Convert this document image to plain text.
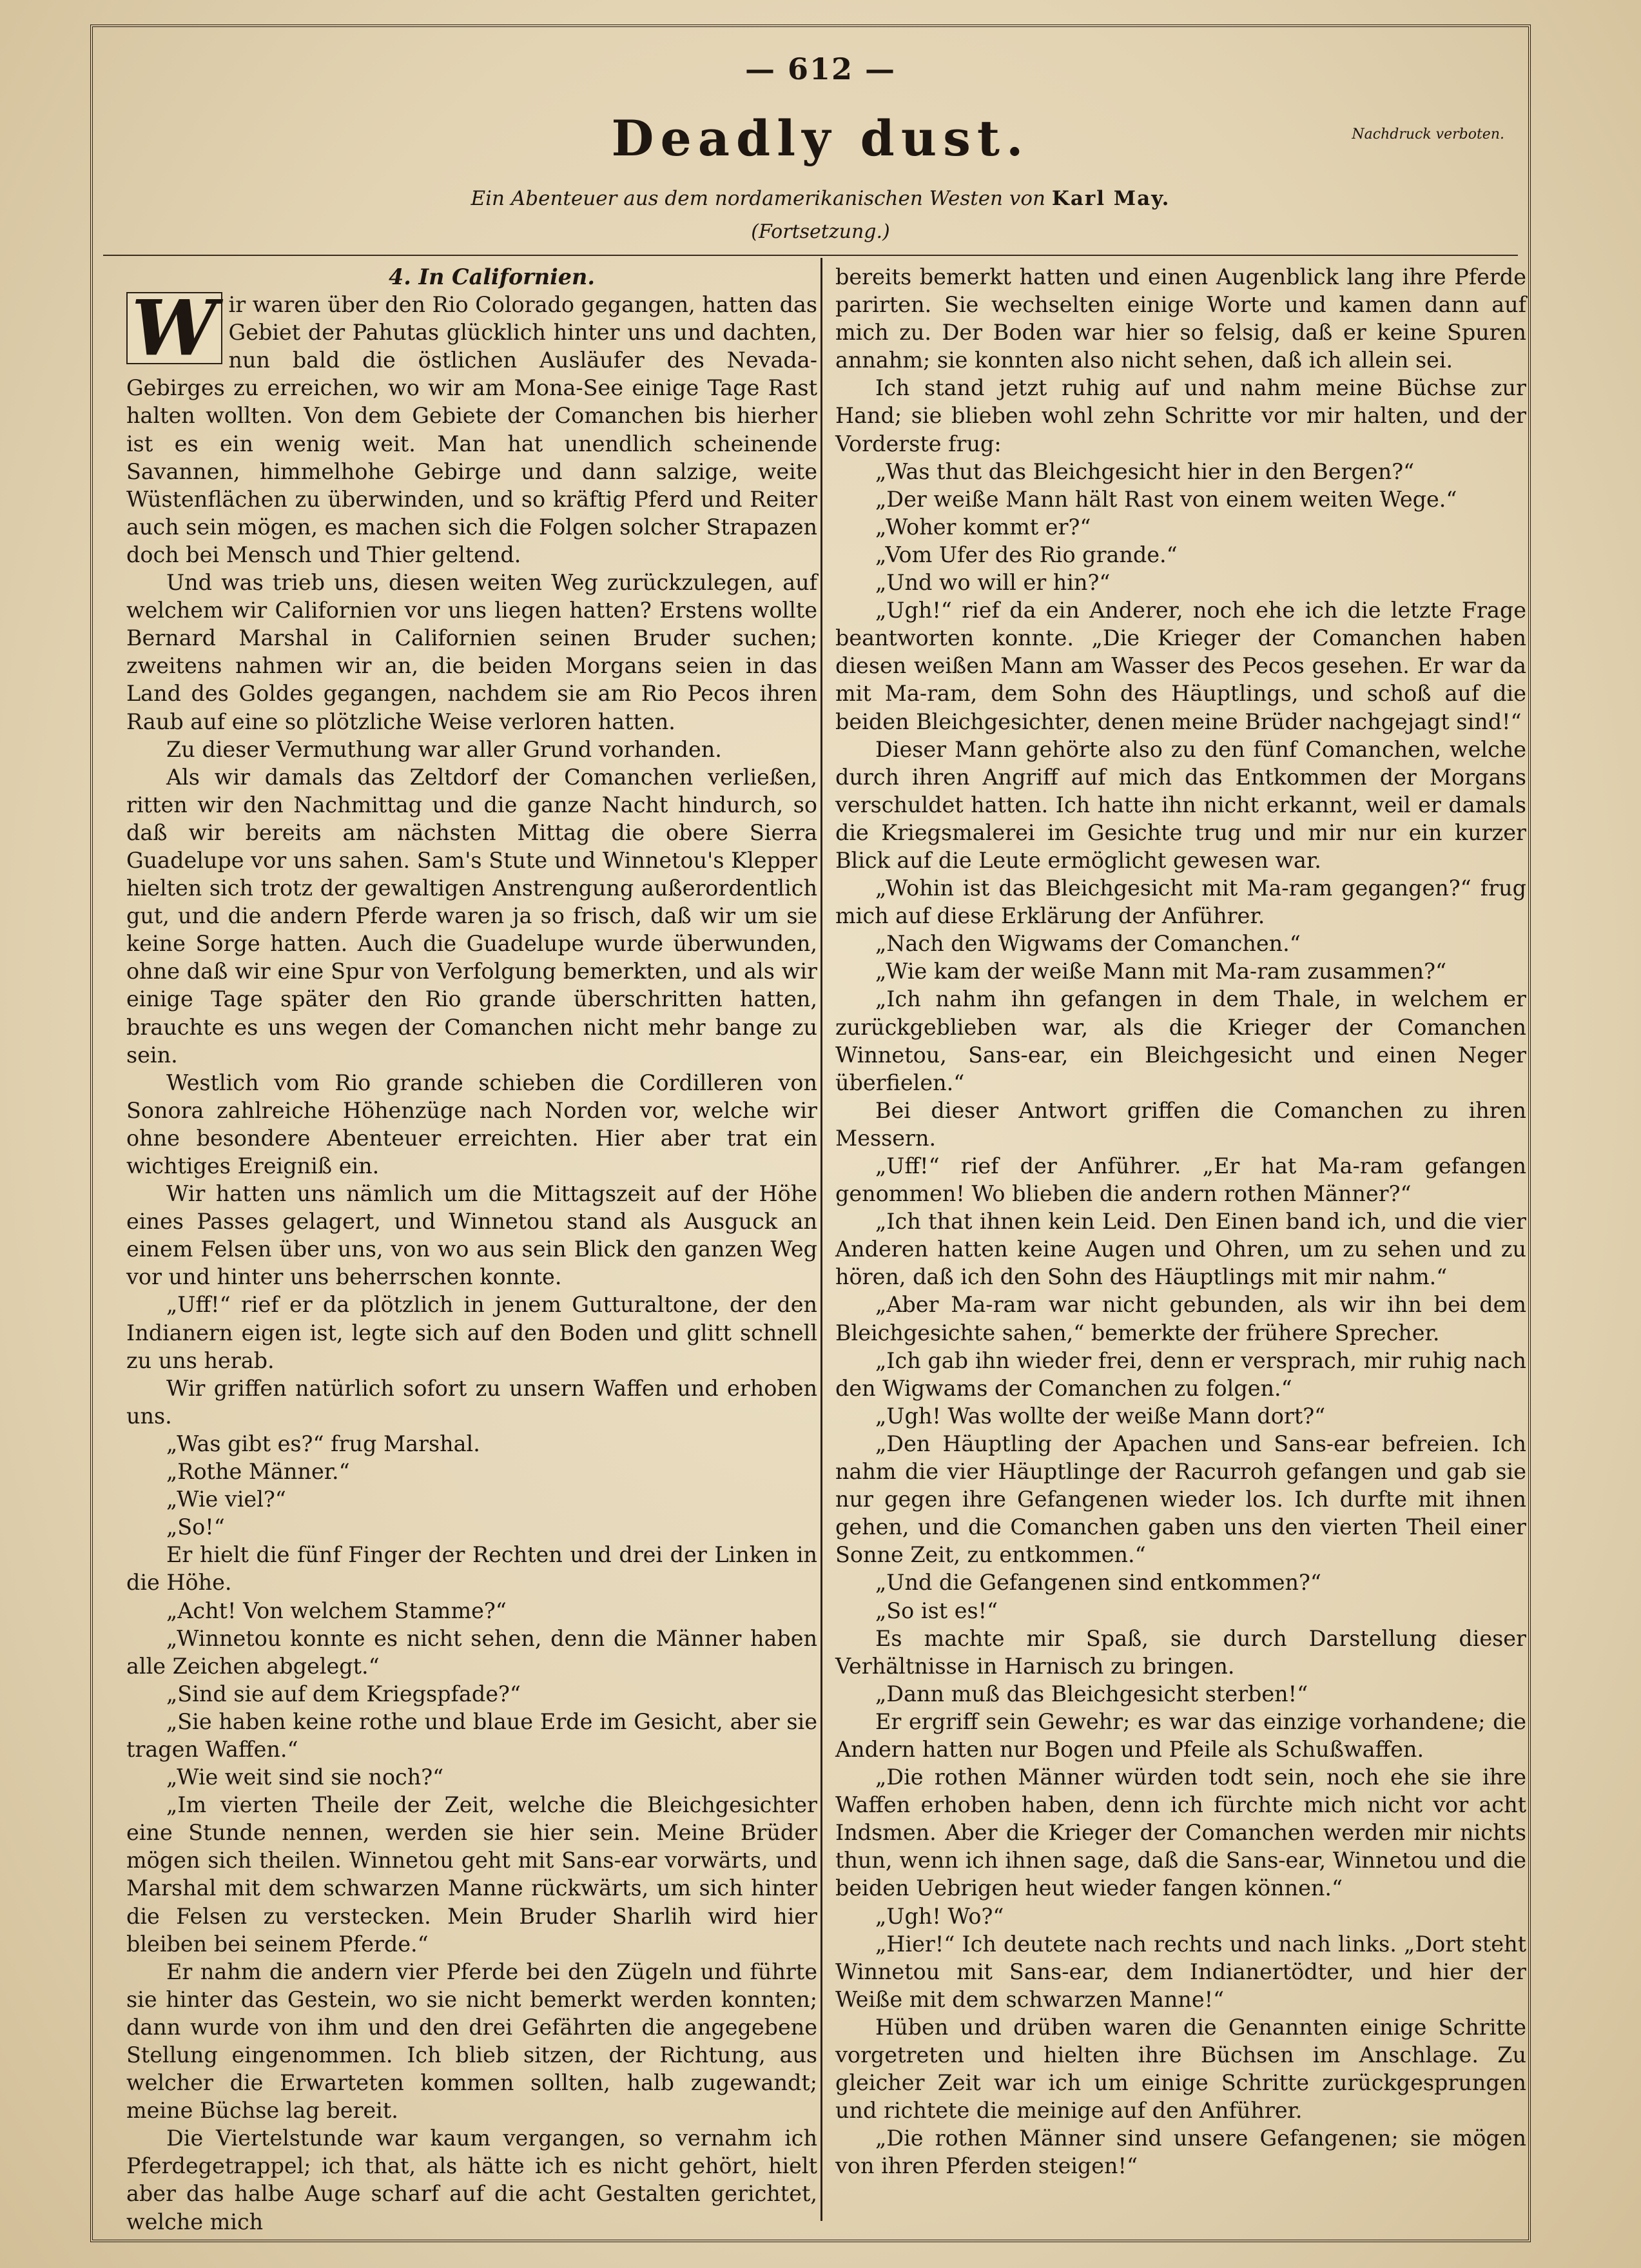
— 612 —
Nachdruck verboten.
Deadly dust.
Ein Abenteuer aus dem nordamerikanischen Westen von Karl May.
(Fortsetzung.)

4. In Californien.

W ir waren über den Rio Colorado gegangen, hatten das Gebiet der Pahutas glücklich hinter uns und dachten, nun bald die östlichen Ausläufer des Nevada-Gebirges zu erreichen, wo wir am Mona-See einige Tage Rast halten wollten. Von dem Gebiete der Comanchen bis hierher ist es ein wenig weit. Man hat unendlich scheinende Savannen, himmelhohe Gebirge und dann salzige, weite Wüstenflächen zu überwinden, und so kräftig Pferd und Reiter auch sein mögen, es machen sich die Folgen solcher Strapazen doch bei Mensch und Thier geltend.

Und was trieb uns, diesen weiten Weg zurückzulegen, auf welchem wir Californien vor uns liegen hatten? Erstens wollte Bernard Marshal in Californien seinen Bruder suchen; zweitens nahmen wir an, die beiden Morgans seien in das Land des Goldes gegangen, nachdem sie am Rio Pecos ihren Raub auf eine so plötzliche Weise verloren hatten.

Zu dieser Vermuthung war aller Grund vorhanden.

Als wir damals das Zeltdorf der Comanchen verließen, ritten wir den Nachmittag und die ganze Nacht hindurch, so daß wir bereits am nächsten Mittag die obere Sierra Guadelupe vor uns sahen. Sam's Stute und Winnetou's Klepper hielten sich trotz der gewaltigen Anstrengung außerordentlich gut, und die andern Pferde waren ja so frisch, daß wir um sie keine Sorge hatten. Auch die Guadelupe wurde überwunden, ohne daß wir eine Spur von Verfolgung bemerkten, und als wir einige Tage später den Rio grande überschritten hatten, brauchte es uns wegen der Comanchen nicht mehr bange zu sein.

Westlich vom Rio grande schieben die Cordilleren von Sonora zahlreiche Höhenzüge nach Norden vor, welche wir ohne besondere Abenteuer erreichten. Hier aber trat ein wichtiges Ereigniß ein.

Wir hatten uns nämlich um die Mittagszeit auf der Höhe eines Passes gelagert, und Winnetou stand als Ausguck an einem Felsen über uns, von wo aus sein Blick den ganzen Weg vor und hinter uns beherrschen konnte.

„Uff!“ rief er da plötzlich in jenem Gutturaltone, der den Indianern eigen ist, legte sich auf den Boden und glitt schnell zu uns herab.

Wir griffen natürlich sofort zu unsern Waffen und erhoben uns.

„Was gibt es?“ frug Marshal.

„Rothe Männer.“

„Wie viel?“

„So!“

Er hielt die fünf Finger der Rechten und drei der Linken in die Höhe.

„Acht! Von welchem Stamme?“

„Winnetou konnte es nicht sehen, denn die Männer haben alle Zeichen abgelegt.“

„Sind sie auf dem Kriegspfade?“

„Sie haben keine rothe und blaue Erde im Gesicht, aber sie tragen Waffen.“

„Wie weit sind sie noch?“

„Im vierten Theile der Zeit, welche die Bleichgesichter eine Stunde nennen, werden sie hier sein. Meine Brüder mögen sich theilen. Winnetou geht mit Sans-ear vorwärts, und Marshal mit dem schwarzen Manne rückwärts, um sich hinter die Felsen zu verstecken. Mein Bruder Sharlih wird hier bleiben bei seinem Pferde.“

Er nahm die andern vier Pferde bei den Zügeln und führte sie hinter das Gestein, wo sie nicht bemerkt werden konnten; dann wurde von ihm und den drei Gefährten die angegebene Stellung eingenommen. Ich blieb sitzen, der Richtung, aus welcher die Erwarteten kommen sollten, halb zugewandt; meine Büchse lag bereit.

Die Viertelstunde war kaum vergangen, so vernahm ich Pferdegetrappel; ich that, als hätte ich es nicht gehört, hielt aber das halbe Auge scharf auf die acht Gestalten gerichtet, welche mich

bereits bemerkt hatten und einen Augenblick lang ihre Pferde parirten. Sie wechselten einige Worte und kamen dann auf mich zu. Der Boden war hier so felsig, daß er keine Spuren annahm; sie konnten also nicht sehen, daß ich allein sei.

Ich stand jetzt ruhig auf und nahm meine Büchse zur Hand; sie blieben wohl zehn Schritte vor mir halten, und der Vorderste frug:

„Was thut das Bleichgesicht hier in den Bergen?“

„Der weiße Mann hält Rast von einem weiten Wege.“

„Woher kommt er?“

„Vom Ufer des Rio grande.“

„Und wo will er hin?“

„Ugh!“ rief da ein Anderer, noch ehe ich die letzte Frage beantworten konnte. „Die Krieger der Comanchen haben diesen weißen Mann am Wasser des Pecos gesehen. Er war da mit Ma-ram, dem Sohn des Häuptlings, und schoß auf die beiden Bleichgesichter, denen meine Brüder nachgejagt sind!“

Dieser Mann gehörte also zu den fünf Comanchen, welche durch ihren Angriff auf mich das Entkommen der Morgans verschuldet hatten. Ich hatte ihn nicht erkannt, weil er damals die Kriegsmalerei im Gesichte trug und mir nur ein kurzer Blick auf die Leute ermöglicht gewesen war.

„Wohin ist das Bleichgesicht mit Ma-ram gegangen?“ frug mich auf diese Erklärung der Anführer.

„Nach den Wigwams der Comanchen.“

„Wie kam der weiße Mann mit Ma-ram zusammen?“

„Ich nahm ihn gefangen in dem Thale, in welchem er zurückgeblieben war, als die Krieger der Comanchen Winnetou, Sans-ear, ein Bleichgesicht und einen Neger überfielen.“

Bei dieser Antwort griffen die Comanchen zu ihren Messern.

„Uff!“ rief der Anführer. „Er hat Ma-ram gefangen genommen! Wo blieben die andern rothen Männer?“

„Ich that ihnen kein Leid. Den Einen band ich, und die vier Anderen hatten keine Augen und Ohren, um zu sehen und zu hören, daß ich den Sohn des Häuptlings mit mir nahm.“

„Aber Ma-ram war nicht gebunden, als wir ihn bei dem Bleichgesichte sahen,“ bemerkte der frühere Sprecher.

„Ich gab ihn wieder frei, denn er versprach, mir ruhig nach den Wigwams der Comanchen zu folgen.“

„Ugh! Was wollte der weiße Mann dort?“

„Den Häuptling der Apachen und Sans-ear befreien. Ich nahm die vier Häuptlinge der Racurroh gefangen und gab sie nur gegen ihre Gefangenen wieder los. Ich durfte mit ihnen gehen, und die Comanchen gaben uns den vierten Theil einer Sonne Zeit, zu entkommen.“

„Und die Gefangenen sind entkommen?“

„So ist es!“

Es machte mir Spaß, sie durch Darstellung dieser Verhältnisse in Harnisch zu bringen.

„Dann muß das Bleichgesicht sterben!“

Er ergriff sein Gewehr; es war das einzige vorhandene; die Andern hatten nur Bogen und Pfeile als Schußwaffen.

„Die rothen Männer würden todt sein, noch ehe sie ihre Waffen erhoben haben, denn ich fürchte mich nicht vor acht Indsmen. Aber die Krieger der Comanchen werden mir nichts thun, wenn ich ihnen sage, daß die Sans-ear, Winnetou und die beiden Uebrigen heut wieder fangen können.“

„Ugh! Wo?“

„Hier!“ Ich deutete nach rechts und nach links. „Dort steht Winnetou mit Sans-ear, dem Indianertödter, und hier der Weiße mit dem schwarzen Manne!“

Hüben und drüben waren die Genannten einige Schritte vorgetreten und hielten ihre Büchsen im Anschlage. Zu gleicher Zeit war ich um einige Schritte zurückgesprungen und richtete die meinige auf den Anführer.

„Die rothen Männer sind unsere Gefangenen; sie mögen von ihren Pferden steigen!“
